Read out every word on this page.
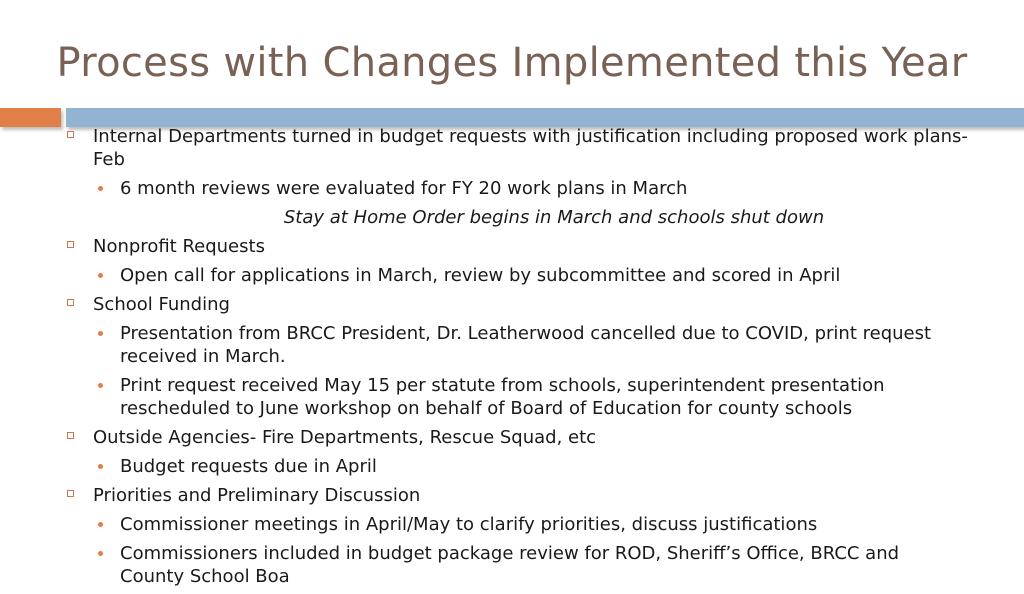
Process with Changes Implemented this Year
Internal Departments turned in budget requests with justification including proposed work plans-Feb
6 month reviews were evaluated for FY 20 work plans in March
Stay at Home Order begins in March and schools shut down
Nonprofit Requests
Open call for applications in March, review by subcommittee and scored in April
School Funding
Presentation from BRCC President, Dr. Leatherwood cancelled due to COVID, print request received in March.
Print request received May 15 per statute from schools, superintendent presentation rescheduled to June workshop on behalf of Board of Education for county schools
Outside Agencies- Fire Departments, Rescue Squad, etc
Budget requests due in April
Priorities and Preliminary Discussion
Commissioner meetings in April/May to clarify priorities, discuss justifications
Commissioners included in budget package review for ROD, Sheriff’s Office, BRCC and County School Boa
